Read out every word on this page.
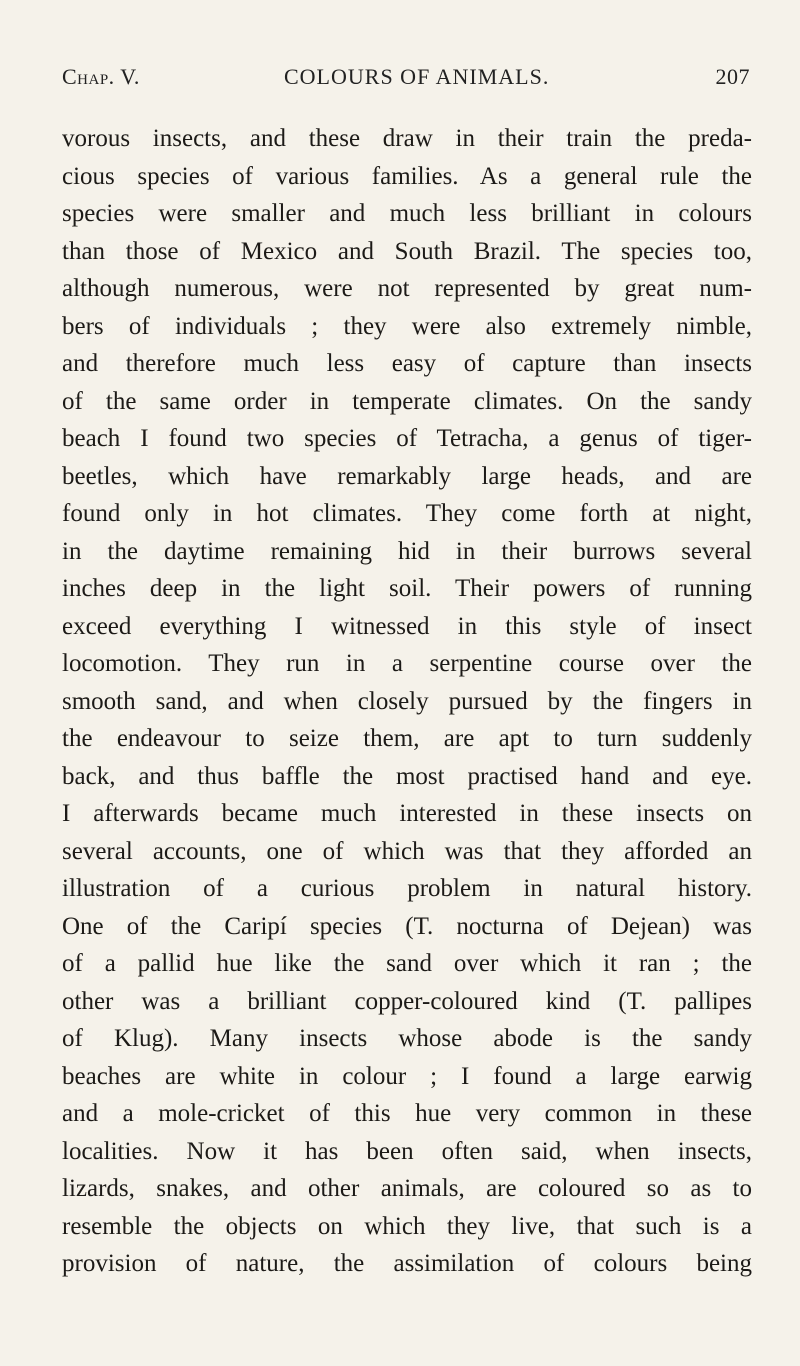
Chap. V.	COLOURS OF ANIMALS.	207
vorous insects, and these draw in their train the preda-
cious species of various families. As a general rule the
species were smaller and much less brilliant in colours
than those of Mexico and South Brazil. The species too,
although numerous, were not represented by great num-
bers of individuals ; they were also extremely nimble,
and therefore much less easy of capture than insects
of the same order in temperate climates. On the sandy
beach I found two species of Tetracha, a genus of tiger-
beetles, which have remarkably large heads, and are
found only in hot climates. They come forth at night,
in the daytime remaining hid in their burrows several
inches deep in the light soil. Their powers of running
exceed everything I witnessed in this style of insect
locomotion. They run in a serpentine course over the
smooth sand, and when closely pursued by the fingers in
the endeavour to seize them, are apt to turn suddenly
back, and thus baffle the most practised hand and eye.
I afterwards became much interested in these insects on
several accounts, one of which was that they afforded an
illustration of a curious problem in natural history.
One of the Caripí species (T. nocturna of Dejean) was
of a pallid hue like the sand over which it ran ; the
other was a brilliant copper-coloured kind (T. pallipes
of Klug). Many insects whose abode is the sandy
beaches are white in colour ; I found a large earwig
and a mole-cricket of this hue very common in these
localities. Now it has been often said, when insects,
lizards, snakes, and other animals, are coloured so as to
resemble the objects on which they live, that such is a
provision of nature, the assimilation of colours being
